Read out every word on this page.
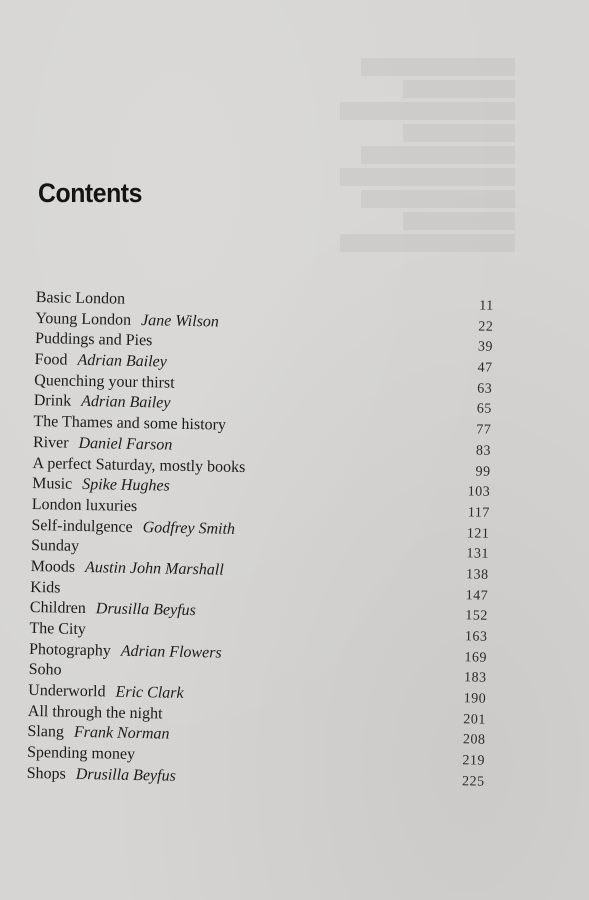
Contents
Basic London	11
Young London Jane Wilson	22
Puddings and Pies	39
Food Adrian Bailey	47
Quenching your thirst	63
Drink Adrian Bailey	65
The Thames and some history	77
River Daniel Farson	83
A perfect Saturday, mostly books	99
Music Spike Hughes	103
London luxuries	117
Self-indulgence Godfrey Smith	121
Sunday	131
Moods Austin John Marshall	138
Kids	147
Children Drusilla Beyfus	152
The City	163
Photography Adrian Flowers	169
Soho	183
Underworld Eric Clark	190
All through the night	201
Slang Frank Norman	208
Spending money	219
Shops Drusilla Beyfus	225
